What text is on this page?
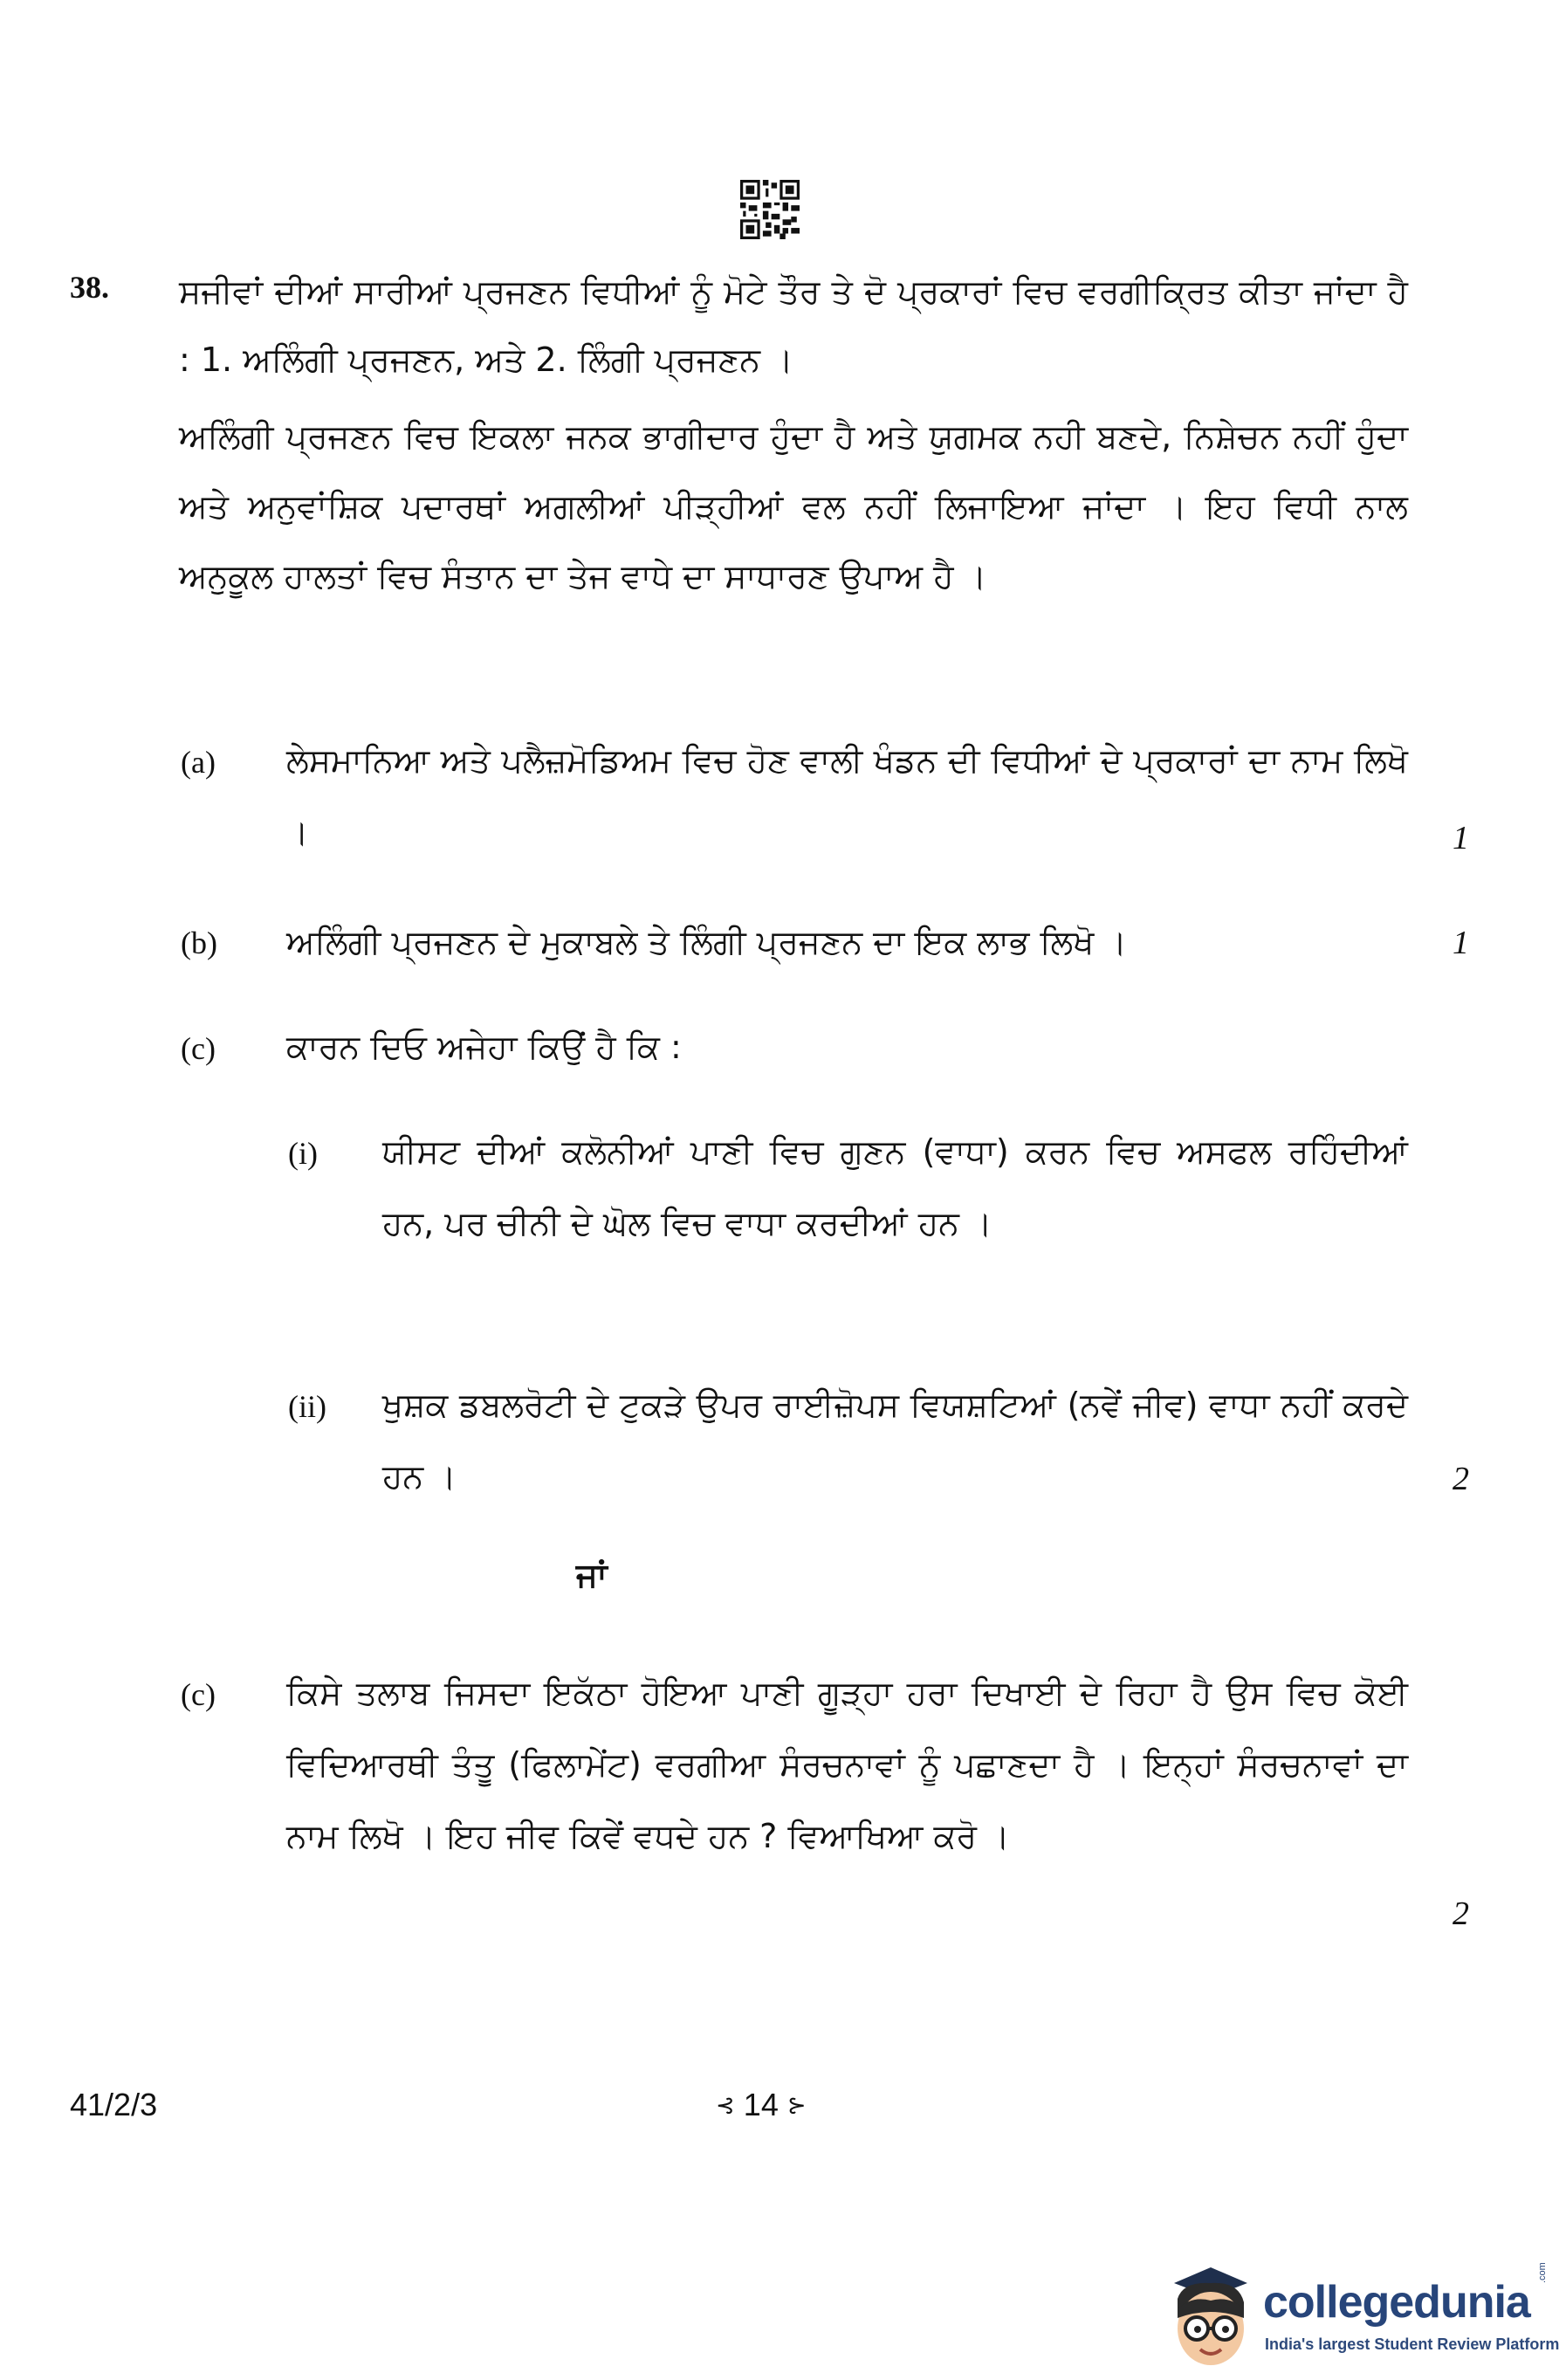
38. ਸਜੀਵਾਂ ਦੀਆਂ ਸਾਰੀਆਂ ਪ੍ਰਜਣਨ ਵਿਧੀਆਂ ਨੂੰ ਮੋਟੇ ਤੌਰ ਤੇ ਦੋ ਪ੍ਰਕਾਰਾਂ ਵਿਚ ਵਰਗੀਕ੍ਰਿਤ ਕੀਤਾ ਜਾਂਦਾ ਹੈ : 1. ਅਲਿੰਗੀ ਪ੍ਰਜਣਨ, ਅਤੇ 2. ਲਿੰਗੀ ਪ੍ਰਜਣਨ ।
ਅਲਿੰਗੀ ਪ੍ਰਜਣਨ ਵਿਚ ਇਕਲਾ ਜਨਕ ਭਾਗੀਦਾਰ ਹੁੰਦਾ ਹੈ ਅਤੇ ਯੁਗਮਕ ਨਹੀ ਬਣਦੇ, ਨਿਸ਼ੇਚਨ ਨਹੀਂ ਹੁੰਦਾ ਅਤੇ ਅਨੁਵਾਂਸ਼ਿਕ ਪਦਾਰਥਾਂ ਅਗਲੀਆਂ ਪੀੜ੍ਹੀਆਂ ਵਲ ਨਹੀਂ ਲਿਜਾਇਆ ਜਾਂਦਾ । ਇਹ ਵਿਧੀ ਨਾਲ ਅਨੁਕੂਲ ਹਾਲਤਾਂ ਵਿਚ ਸੰਤਾਨ ਦਾ ਤੇਜ ਵਾਧੇ ਦਾ ਸਾਧਾਰਣ ਉਪਾਅ ਹੈ ।
(a) ਲੇਸਮਾਨਿਆ ਅਤੇ ਪਲੈਜ਼ਮੋਡਿਅਮ ਵਿਚ ਹੋਣ ਵਾਲੀ ਖੰਡਨ ਦੀ ਵਿਧੀਆਂ ਦੇ ਪ੍ਰਕਾਰਾਂ ਦਾ ਨਾਮ ਲਿਖੋ ।	1
(b) ਅਲਿੰਗੀ ਪ੍ਰਜਣਨ ਦੇ ਮੁਕਾਬਲੇ ਤੇ ਲਿੰਗੀ ਪ੍ਰਜਣਨ ਦਾ ਇਕ ਲਾਭ ਲਿਖੋ ।	1
(c) ਕਾਰਨ ਦਿਓ ਅਜੇਹਾ ਕਿਉਂ ਹੈ ਕਿ :
(i) ਯੀਸਟ ਦੀਆਂ ਕਲੋਨੀਆਂ ਪਾਣੀ ਵਿਚ ਗੁਣਨ (ਵਾਧਾ) ਕਰਨ ਵਿਚ ਅਸਫਲ ਰਹਿੰਦੀਆਂ ਹਨ, ਪਰ ਚੀਨੀ ਦੇ ਘੋਲ ਵਿਚ ਵਾਧਾ ਕਰਦੀਆਂ ਹਨ ।
(ii) ਖੁਸ਼ਕ ਡਬਲਰੋਟੀ ਦੇ ਟੁਕੜੇ ਉਪਰ ਰਾਈਜ਼ੋਪਸ ਵਿਯਸ਼ਟਿਆਂ (ਨਵੇਂ ਜੀਵ) ਵਾਧਾ ਨਹੀਂ ਕਰਦੇ ਹਨ ।	2
ਜਾਂ
(c) ਕਿਸੇ ਤਲਾਬ ਜਿਸਦਾ ਇਕੱਠਾ ਹੋਇਆ ਪਾਣੀ ਗੂੜ੍ਹਾ ਹਰਾ ਦਿਖਾਈ ਦੇ ਰਿਹਾ ਹੈ ਉਸ ਵਿਚ ਕੋਈ ਵਿਦਿਆਰਥੀ ਤੰਤੂ (ਫਿਲਾਮੇਂਟ) ਵਰਗੀਆ ਸੰਰਚਨਾਵਾਂ ਨੂੰ ਪਛਾਣਦਾ ਹੈ । ਇਨ੍ਹਾਂ ਸੰਰਚਨਾਵਾਂ ਦਾ ਨਾਮ ਲਿਖੋ । ਇਹ ਜੀਵ ਕਿਵੇਂ ਵਧਦੇ ਹਨ ? ਵਿਆਖਿਆ ਕਰੋ ।
2
41/2/3	⊰ 14 ⊱
collegedunia
.com
India's largest Student Review Platform
